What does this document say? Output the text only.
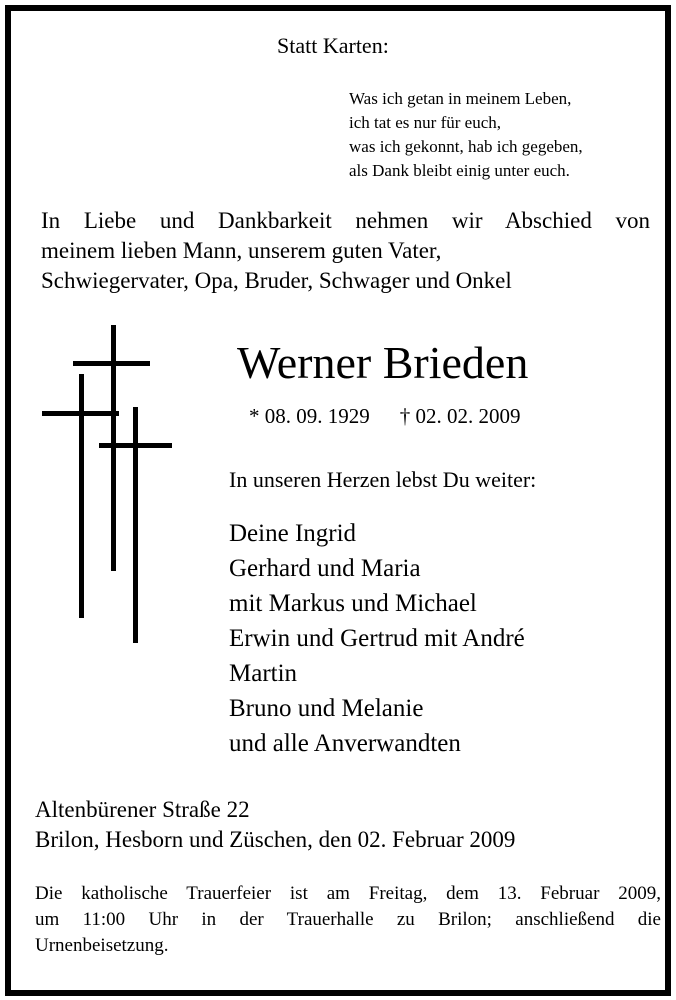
Statt Karten:
Was ich getan in meinem Leben,
ich tat es nur für euch,
was ich gekonnt, hab ich gegeben,
als Dank bleibt einig unter euch.
In Liebe und Dankbarkeit nehmen wir Abschied von
meinem lieben Mann, unserem guten Vater,
Schwiegervater, Opa, Bruder, Schwager und Onkel
Werner Brieden
* 08. 09. 1929 † 02. 02. 2009
In unseren Herzen lebst Du weiter:
Deine Ingrid
Gerhard und Maria
mit Markus und Michael
Erwin und Gertrud mit André
Martin
Bruno und Melanie
und alle Anverwandten
Altenbürener Straße 22
Brilon, Hesborn und Züschen, den 02. Februar 2009
Die katholische Trauerfeier ist am Freitag, dem 13. Februar 2009,
um 11:00 Uhr in der Trauerhalle zu Brilon; anschließend die
Urnenbeisetzung.
